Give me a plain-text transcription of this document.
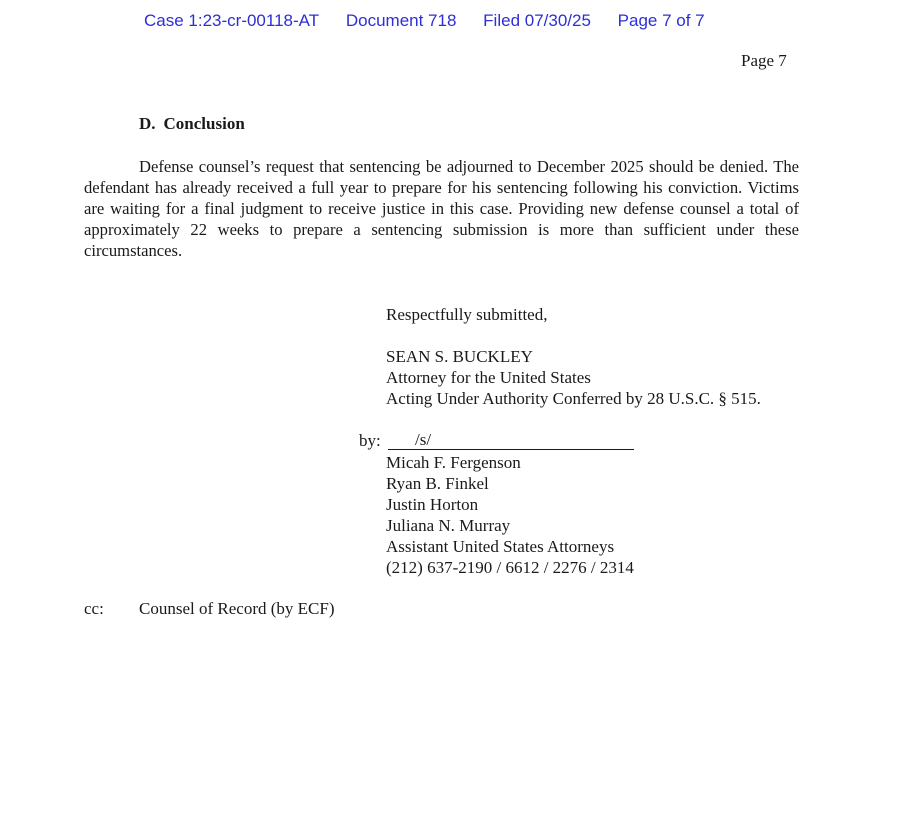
Case 1:23-cr-00118-AT Document 718 Filed 07/30/25 Page 7 of 7
Page 7
D. Conclusion

Defense counsel’s request that sentencing be adjourned to December 2025 should be denied. The defendant has already received a full year to prepare for his sentencing following his conviction. Victims are waiting for a final judgment to receive justice in this case. Providing new defense counsel a total of approximately 22 weeks to prepare a sentencing submission is more than sufficient under these circumstances.

Respectfully submitted,
SEAN S. BUCKLEY
Attorney for the United States
Acting Under Authority Conferred by 28 U.S.C. § 515.
by: /s/
Micah F. Fergenson
Ryan B. Finkel
Justin Horton
Juliana N. Murray
Assistant United States Attorneys
(212) 637-2190 / 6612 / 2276 / 2314
cc: Counsel of Record (by ECF)
